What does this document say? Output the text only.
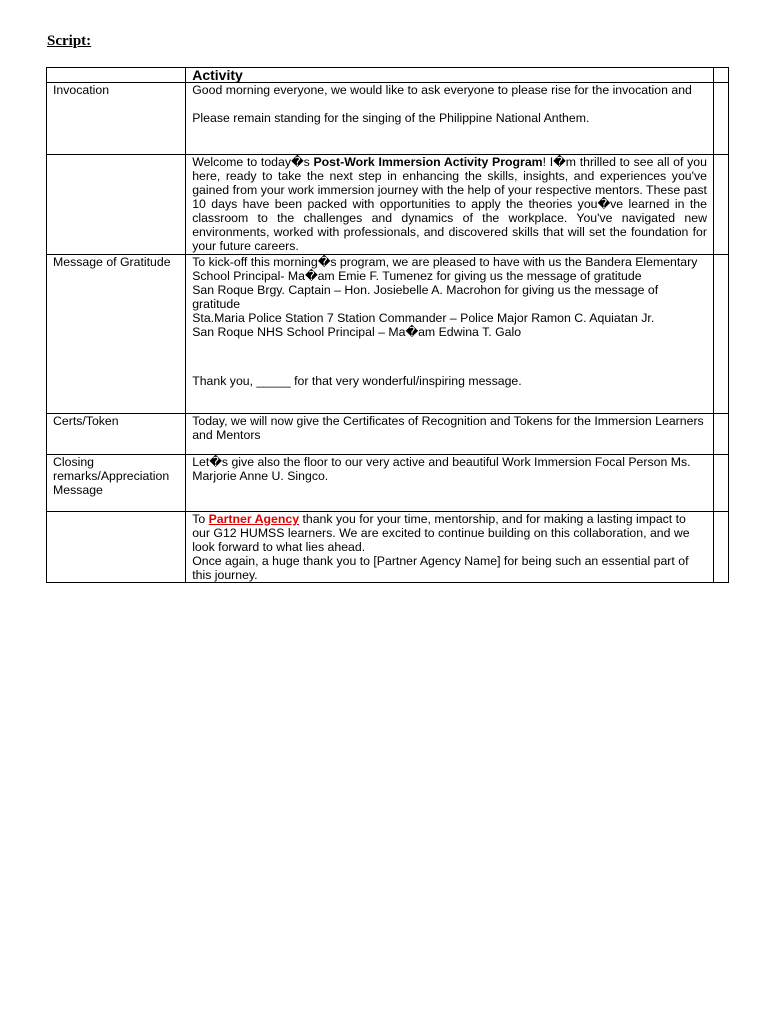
Script:
	Activity	
Invocation	Good morning everyone, we would like to ask everyone to please rise for the invocation and
Please remain standing for the singing of the Philippine National Anthem.	
	Welcome to today�s Post-Work Immersion Activity Program! I�m thrilled to see all of you here, ready to take the next step in enhancing the skills, insights, and experiences you've gained from your work immersion journey with the help of your respective mentors. These past 10 days have been packed with opportunities to apply the theories you�ve learned in the classroom to the challenges and dynamics of the workplace. You've navigated new environments, worked with professionals, and discovered skills that will set the foundation for your future careers.	
Message of Gratitude	To kick-off this morning�s program, we are pleased to have with us the Bandera Elementary School Principal- Ma�am Emie F. Tumenez for giving us the message of gratitude
San Roque Brgy. Captain – Hon. Josiebelle A. Macrohon for giving us the message of gratitude
Sta.Maria Police Station 7 Station Commander – Police Major Ramon C. Aquiatan Jr.
San Roque NHS School Principal – Ma�am Edwina T. Galo
Thank you, _____ for that very wonderful/inspiring message.	

Certs/Token	Today, we will now give the Certificates of Recognition and Tokens for the Immersion Learners and Mentors	
Closing remarks/Appreciation Message	Let�s give also the floor to our very active and beautiful Work Immersion Focal Person Ms. Marjorie Anne U. Singco.	

	To Partner Agency thank you for your time, mentorship, and for making a lasting impact to our G12 HUMSS learners. We are excited to continue building on this collaboration, and we look forward to what lies ahead.
Once again, a huge thank you to [Partner Agency Name] for being such an essential part of this journey.	
